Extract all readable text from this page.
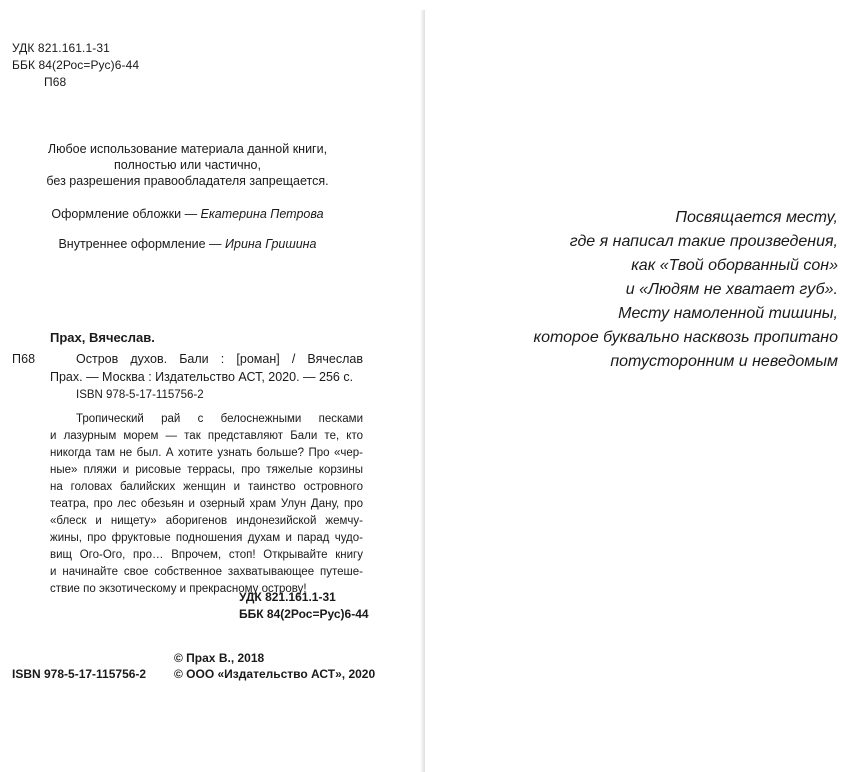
УДК 821.161.1-31
ББК 84(2Рос=Рус)6-44
П68
Любое использование материала данной книги,
полностью или частично,
без разрешения правообладателя запрещается.
Оформление обложки — Екатерина Петрова
Внутреннее оформление — Ирина Гришина
Прах, Вячеслав.
П68	Остров духов. Бали : [роман] / Вячеслав
Прах. — Москва : Издательство АСТ, 2020. — 256 с.
ISBN 978-5-17-115756-2
Тропический рай с белоснежными песками
и лазурным морем — так представляют Бали те, кто
никогда там не был. А хотите узнать больше? Про «чер-
ные» пляжи и рисовые террасы, про тяжелые корзины
на головах балийских женщин и таинство островного
театра, про лес обезьян и озерный храм Улун Дану, про
«блеск и нищету» аборигенов индонезийской жемчу-
жины, про фруктовые подношения духам и парад чудо-
вищ Ого-Ого, про… Впрочем, стоп! Открывайте книгу
и начинайте свое собственное захватывающее путеше-
ствие по экзотическому и прекрасному острову!
УДК 821.161.1-31
ББК 84(2Рос=Рус)6-44
ISBN 978-5-17-115756-2
© Прах В., 2018
© ООО «Издательство АСТ», 2020
Посвящается месту,
где я написал такие произведения,
как «Твой оборванный сон»
и «Людям не хватает губ».
Месту намоленной тишины,
которое буквально насквозь пропитано
потусторонним и неведомым
